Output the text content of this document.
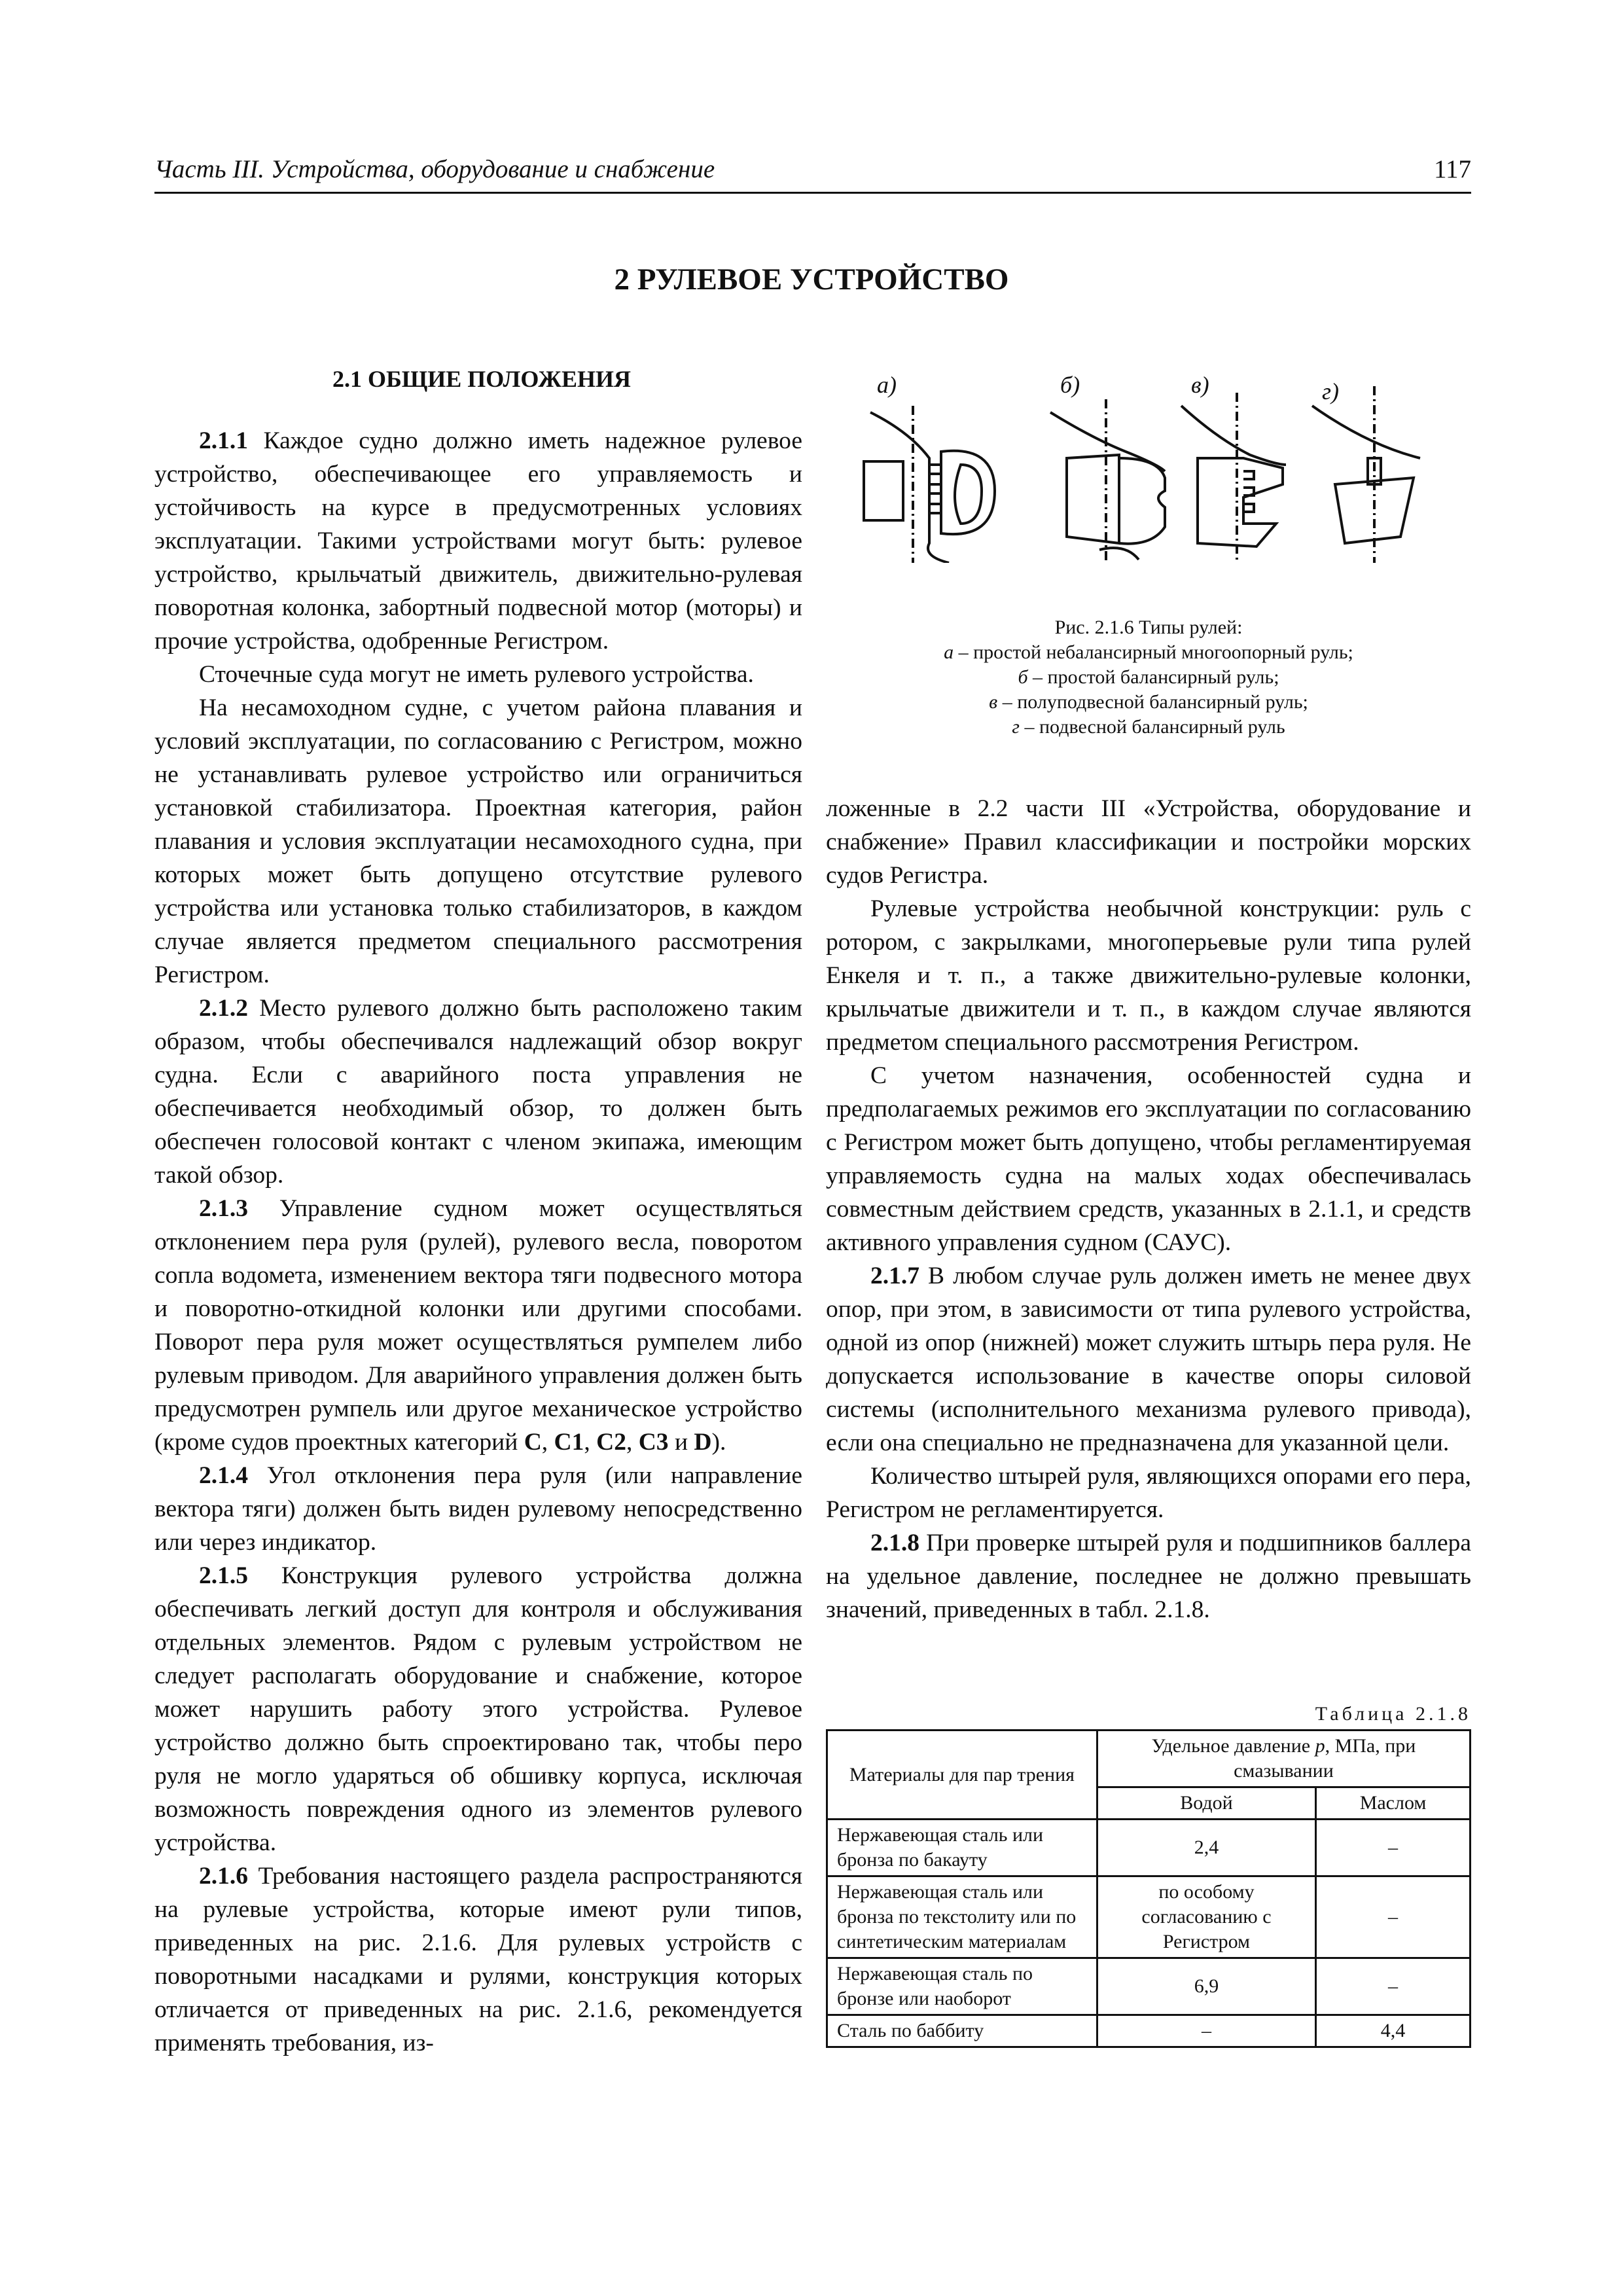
Часть III. Устройства, оборудование и снабжение	117
2 РУЛЕВОЕ УСТРОЙСТВО
2.1 ОБЩИЕ ПОЛОЖЕНИЯ

2.1.1 Каждое судно должно иметь надежное рулевое устройство, обеспечивающее его управляемость и устойчивость на курсе в предусмотренных условиях эксплуатации. Такими устройствами могут быть: рулевое устройство, крыльчатый движитель, движительно-рулевая поворотная колонка, забортный подвесной мотор (моторы) и прочие устройства, одобренные Регистром.

Сточечные суда могут не иметь рулевого устройства.

На несамоходном судне, с учетом района плавания и условий эксплуатации, по согласованию с Регистром, можно не устанавливать рулевое устройство или ограничиться установкой стабилизатора. Проектная категория, район плавания и условия эксплуатации несамоходного судна, при которых может быть допущено отсутствие рулевого устройства или установка только стабилизаторов, в каждом случае является предметом специального рассмотрения Регистром.

2.1.2 Место рулевого должно быть расположено таким образом, чтобы обеспечивался надлежащий обзор вокруг судна. Если с аварийного поста управления не обеспечивается необходимый обзор, то должен быть обеспечен голосовой контакт с членом экипажа, имеющим такой обзор.

2.1.3 Управление судном может осуществляться отклонением пера руля (рулей), рулевого весла, поворотом сопла водомета, изменением вектора тяги подвесного мотора и поворотно-откидной колонки или другими способами. Поворот пера руля может осуществляться румпелем либо рулевым приводом. Для аварийного управления должен быть предусмотрен румпель или другое механическое устройство (кроме судов проектных категорий C, C1, C2, C3 и D).

2.1.4 Угол отклонения пера руля (или направление вектора тяги) должен быть виден рулевому непосредственно или через индикатор.

2.1.5 Конструкция рулевого устройства должна обеспечивать легкий доступ для контроля и обслуживания отдельных элементов. Рядом с рулевым устройством не следует располагать оборудование и снабжение, которое может нарушить работу этого устройства. Рулевое устройство должно быть спроектировано так, чтобы перо руля не могло ударяться об обшивку корпуса, исключая возможность повреждения одного из элементов рулевого устройства.

2.1.6 Требования настоящего раздела распространяются на рулевые устройства, которые имеют рули типов, приведенных на рис. 2.1.6. Для рулевых устройств с поворотными насадками и рулями, конструкция которых отличается от приведенных на рис. 2.1.6, рекомендуется применять требования, из-

а)	б)	в)	г)
Рис. 2.1.6 Типы рулей:
а – простой небалансирный многоопорный руль;
б – простой балансирный руль;
в – полуподвесной балансирный руль;
г – подвесной балансирный руль

ложенные в 2.2 части III «Устройства, оборудование и снабжение» Правил классификации и постройки морских судов Регистра.

Рулевые устройства необычной конструкции: руль с ротором, с закрылками, многоперьевые рули типа рулей Енкеля и т. п., а также движительно-рулевые колонки, крыльчатые движители и т. п., в каждом случае являются предметом специального рассмотрения Регистром.

С учетом назначения, особенностей судна и предполагаемых режимов его эксплуатации по согласованию с Регистром может быть допущено, чтобы регламентируемая управляемость судна на малых ходах обеспечивалась совместным действием средств, указанных в 2.1.1, и средств активного управления судном (САУС).

2.1.7 В любом случае руль должен иметь не менее двух опор, при этом, в зависимости от типа рулевого устройства, одной из опор (нижней) может служить штырь пера руля. Не допускается использование в качестве опоры силовой системы (исполнительного механизма рулевого привода), если она специально не предназначена для указанной цели.

Количество штырей руля, являющихся опорами его пера, Регистром не регламентируется.

2.1.8 При проверке штырей руля и подшипников баллера на удельное давление, последнее не должно превышать значений, приведенных в табл. 2.1.8.

Таблица 2.1.8
Материалы для пар трения	Удельное давление p, МПа, при смазывании	
	Водой	Маслом
Нержавеющая сталь или бронза по бакауту	2,4	–
Нержавеющая сталь или бронза по текстолиту или по синтетическим материалам	по особому согласованию с Регистром	–
Нержавеющая сталь по бронзе или наоборот	6,9	–
Сталь по баббиту	–	4,4
